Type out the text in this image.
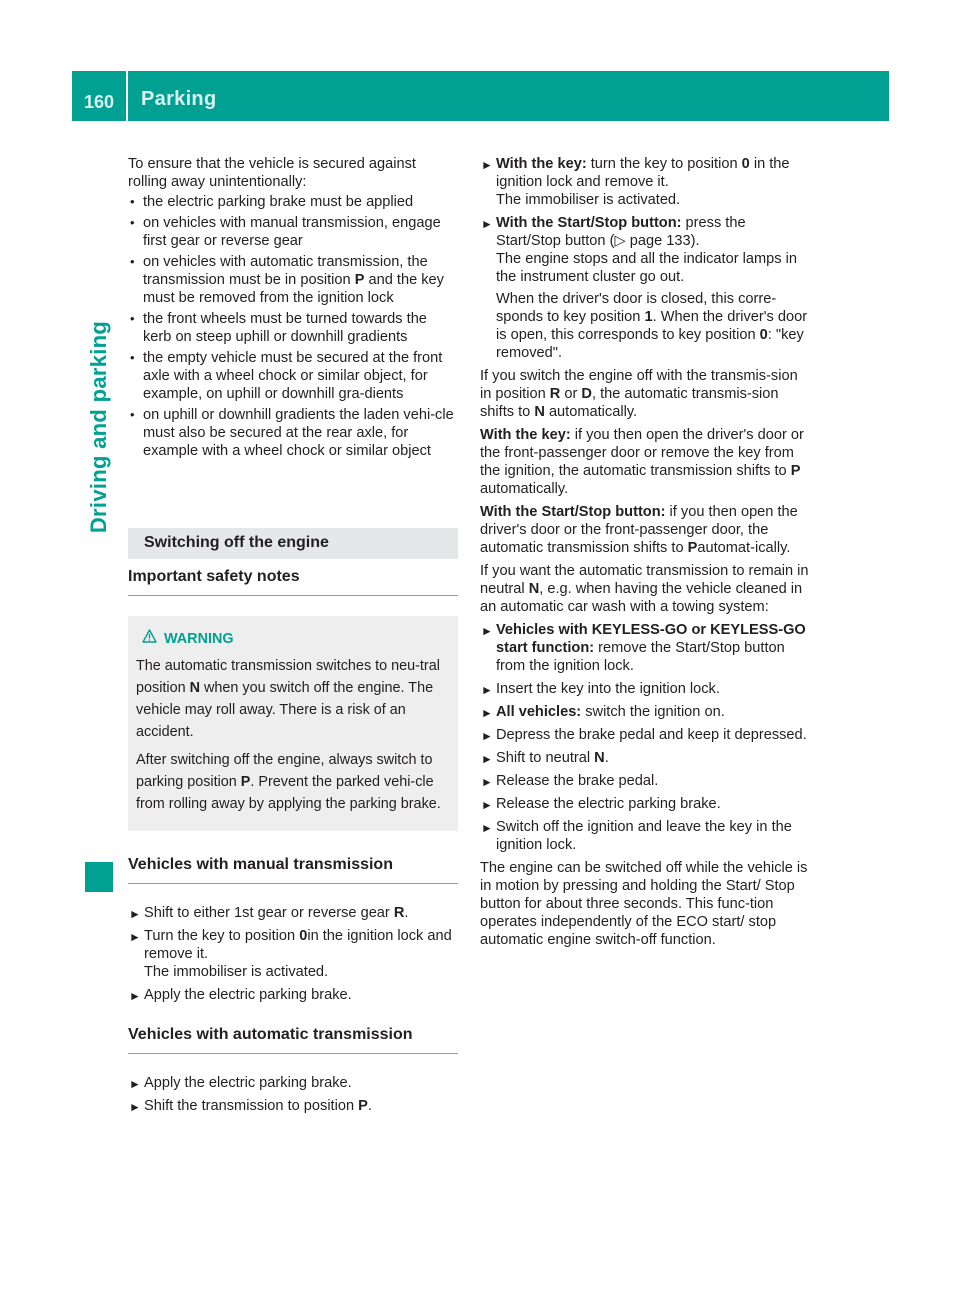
160 Parking
Driving and parking

To ensure that the vehicle is secured against rolling away unintentionally:

• the electric parking brake must be applied
• on vehicles with manual transmission, engage first gear or reverse gear
• on vehicles with automatic transmission, the transmission must be in position P and the key must be removed from the ignition lock
• the front wheels must be turned towards the kerb on steep uphill or downhill gradients
• the empty vehicle must be secured at the front axle with a wheel chock or similar object, for example, on uphill or downhill gra-dients
• on uphill or downhill gradients the laden vehi-cle must also be secured at the rear axle, for example with a wheel chock or similar object
Switching off the engine
Important safety notes
WARNING

The automatic transmission switches to neu-tral position N when you switch off the engine. The vehicle may roll away. There is a risk of an accident.

After switching off the engine, always switch to parking position P. Prevent the parked vehi-cle from rolling away by applying the parking brake.

Vehicles with manual transmission
► Shift to either 1st gear or reverse gear R.
► Turn the key to position 0in the ignition lock and remove it.
The immobiliser is activated.
► Apply the electric parking brake.
Vehicles with automatic transmission
► Apply the electric parking brake.
► Shift the transmission to position P.
► With the key: turn the key to position 0 in the ignition lock and remove it.
The immobiliser is activated.
► With the Start/Stop button: press the Start/Stop button (▷ page 133).
The engine stops and all the indicator lamps in the instrument cluster go out.
When the driver's door is closed, this corre-sponds to key position 1. When the driver's door is open, this corresponds to key position 0: "key removed".

If you switch the engine off with the transmis-sion in position R or D, the automatic transmis-sion shifts to N automatically.

With the key: if you then open the driver's door or the front-passenger door or remove the key from the ignition, the automatic transmission shifts to P automatically.

With the Start/Stop button: if you then open the driver's door or the front-passenger door, the automatic transmission shifts to Pautomat-ically.

If you want the automatic transmission to remain in neutral N, e.g. when having the vehicle cleaned in an automatic car wash with a towing system:

► Vehicles with KEYLESS-GO or KEYLESS-GO start function: remove the Start/Stop button from the ignition lock.
► Insert the key into the ignition lock.
► All vehicles: switch the ignition on.
► Depress the brake pedal and keep it depressed.
► Shift to neutral N.
► Release the brake pedal.
► Release the electric parking brake.
► Switch off the ignition and leave the key in the ignition lock.

The engine can be switched off while the vehicle is in motion by pressing and holding the Start/ Stop button for about three seconds. This func-tion operates independently of the ECO start/ stop automatic engine switch-off function.
